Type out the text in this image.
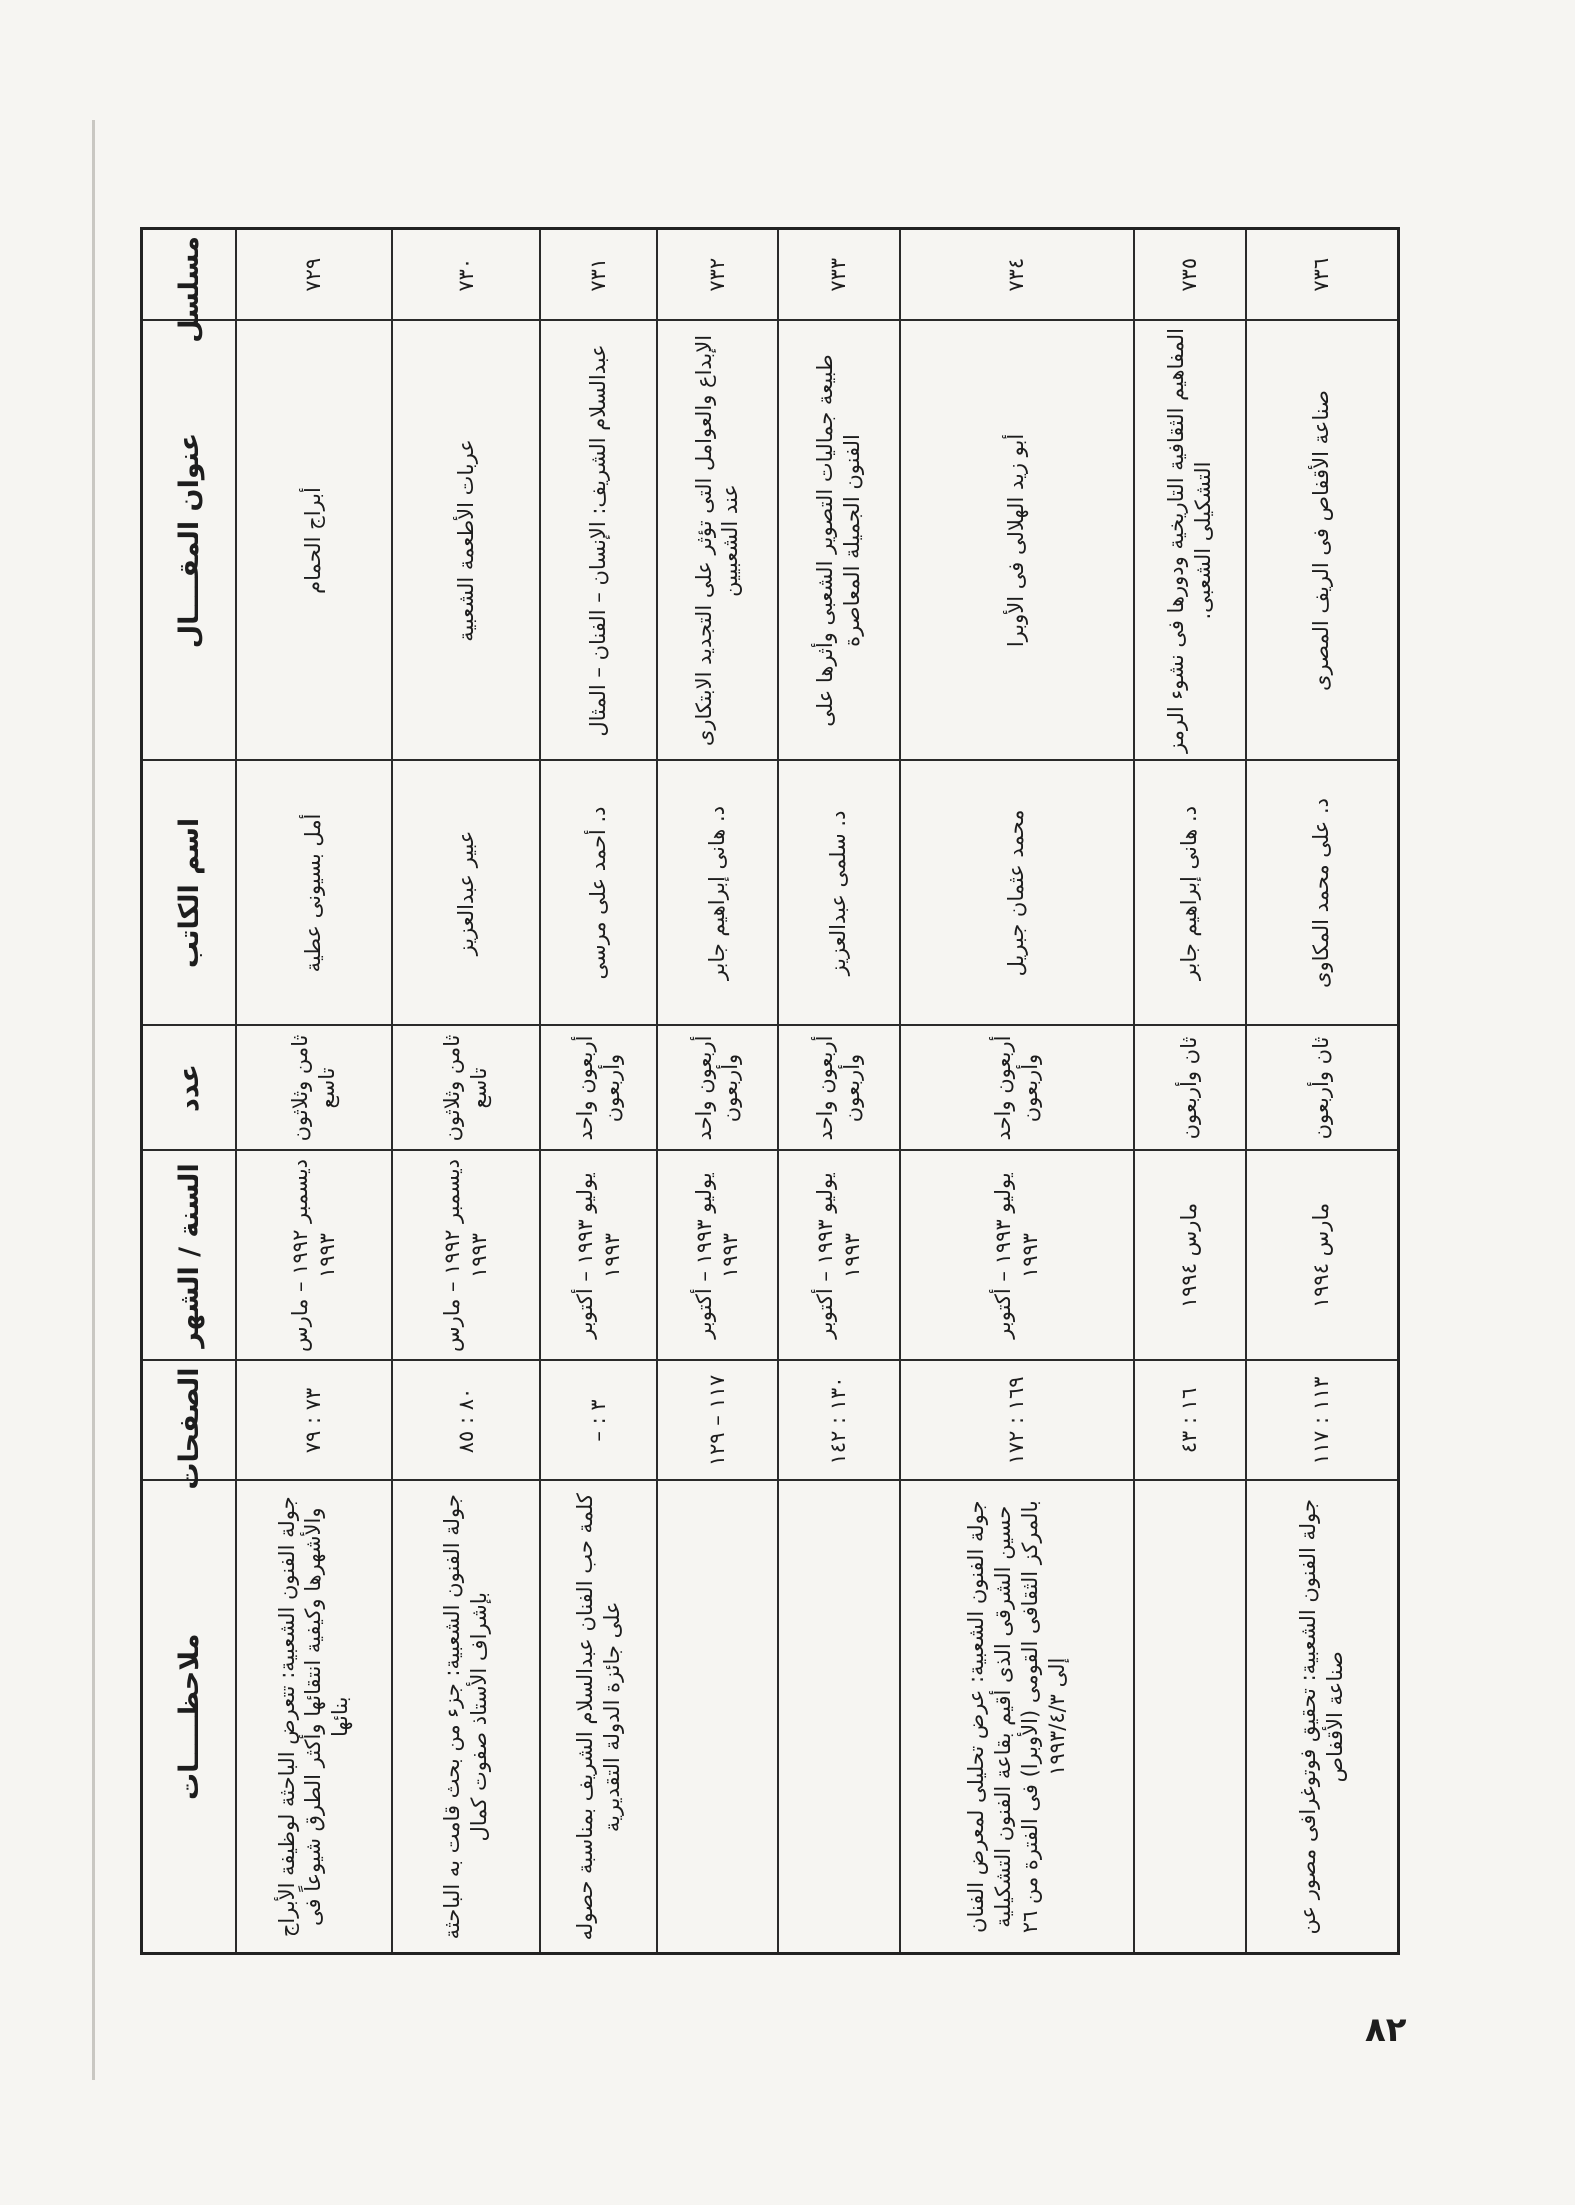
مسلسل	عنوان المقــــال	اسم الكاتب	عدد	السنة / الشهر	الصفحات	ملاحظـــــات
٧٢٩	أبراج الحمام	أمل بسيونى عطية	ثامن وثلاثون تاسع	ديسمبر ١٩٩٢ – مارس ١٩٩٣	٧٣ : ٧٩	جولة الفنون الشعبية: تتعرض الباحثة لوظيفة الأبراج والأشهرها وكيفية انتقائها وأكثر الطرق شيوعاً فى بنائها
٧٣٠	عربات الأطعمة الشعبية	عبير عبدالعزيز	ثامن وثلاثون تاسع	ديسمبر ١٩٩٢ – مارس ١٩٩٣	٨٠ : ٨٥	جولة الفنون الشعبية: جزء من بحث قامت به الباحثة بإشراف الأستاذ صفوت كمال
٧٣١	عبدالسلام الشريف: الإنسان – الفنان – المثال	د. أحمد على مرسى	أربعون واحد وأربعون	يوليو ١٩٩٣ – أكتوبر ١٩٩٣	٣ : –	كلمة حب الفنان عبدالسلام الشريف بمناسبة حصوله على جائزة الدولة التقديرية
٧٣٢	الإبداع والعوامل التى تؤثر على التجديد الابتكارى عند الشعبيين	د. هانى إبراهيم جابر	أربعون واحد وأربعون	يوليو ١٩٩٣ – أكتوبر ١٩٩٣	١١٧ – ١٢٩	
٧٣٣	طبيعة جماليات التصوير الشعبى وأثرها على الفنون الجميلة المعاصرة	د. سلمى عبدالعزيز	أربعون واحد وأربعون	يوليو ١٩٩٣ – أكتوبر ١٩٩٣	١٣٠ : ١٤٢	
٧٣٤	أبو زيد الهلالى فى الأوبرا	محمد عثمان جبريل	أربعون واحد وأربعون	يوليو ١٩٩٣ – أكتوبر ١٩٩٣	١٦٩ : ١٧٢	جولة الفنون الشعبية: عرض تحليلى لمعرض الفنان حسين الشرقى الذى أقيم بقاعة الفنون التشكيلية بالمركز الثقافى القومى (الأوبرا) فى الفترة من ٢٦ إلى ١٩٩٣/٤/٣
٧٣٥	المفاهيم الثقافية التاريخية ودورها فى نشوء الرمز التشكيلى الشعبى.	د. هانى إبراهيم جابر	ثان وأربعون	مارس ١٩٩٤	١٦ : ٤٣	
٧٣٦	صناعة الأقفاص فى الريف المصرى	د. على محمد المكاوى	ثان وأربعون	مارس ١٩٩٤	١١٣ : ١١٧	جولة الفنون الشعبية: تحقيق فوتوغرافى مصور عن صناعة الأقفاص
٨٢
